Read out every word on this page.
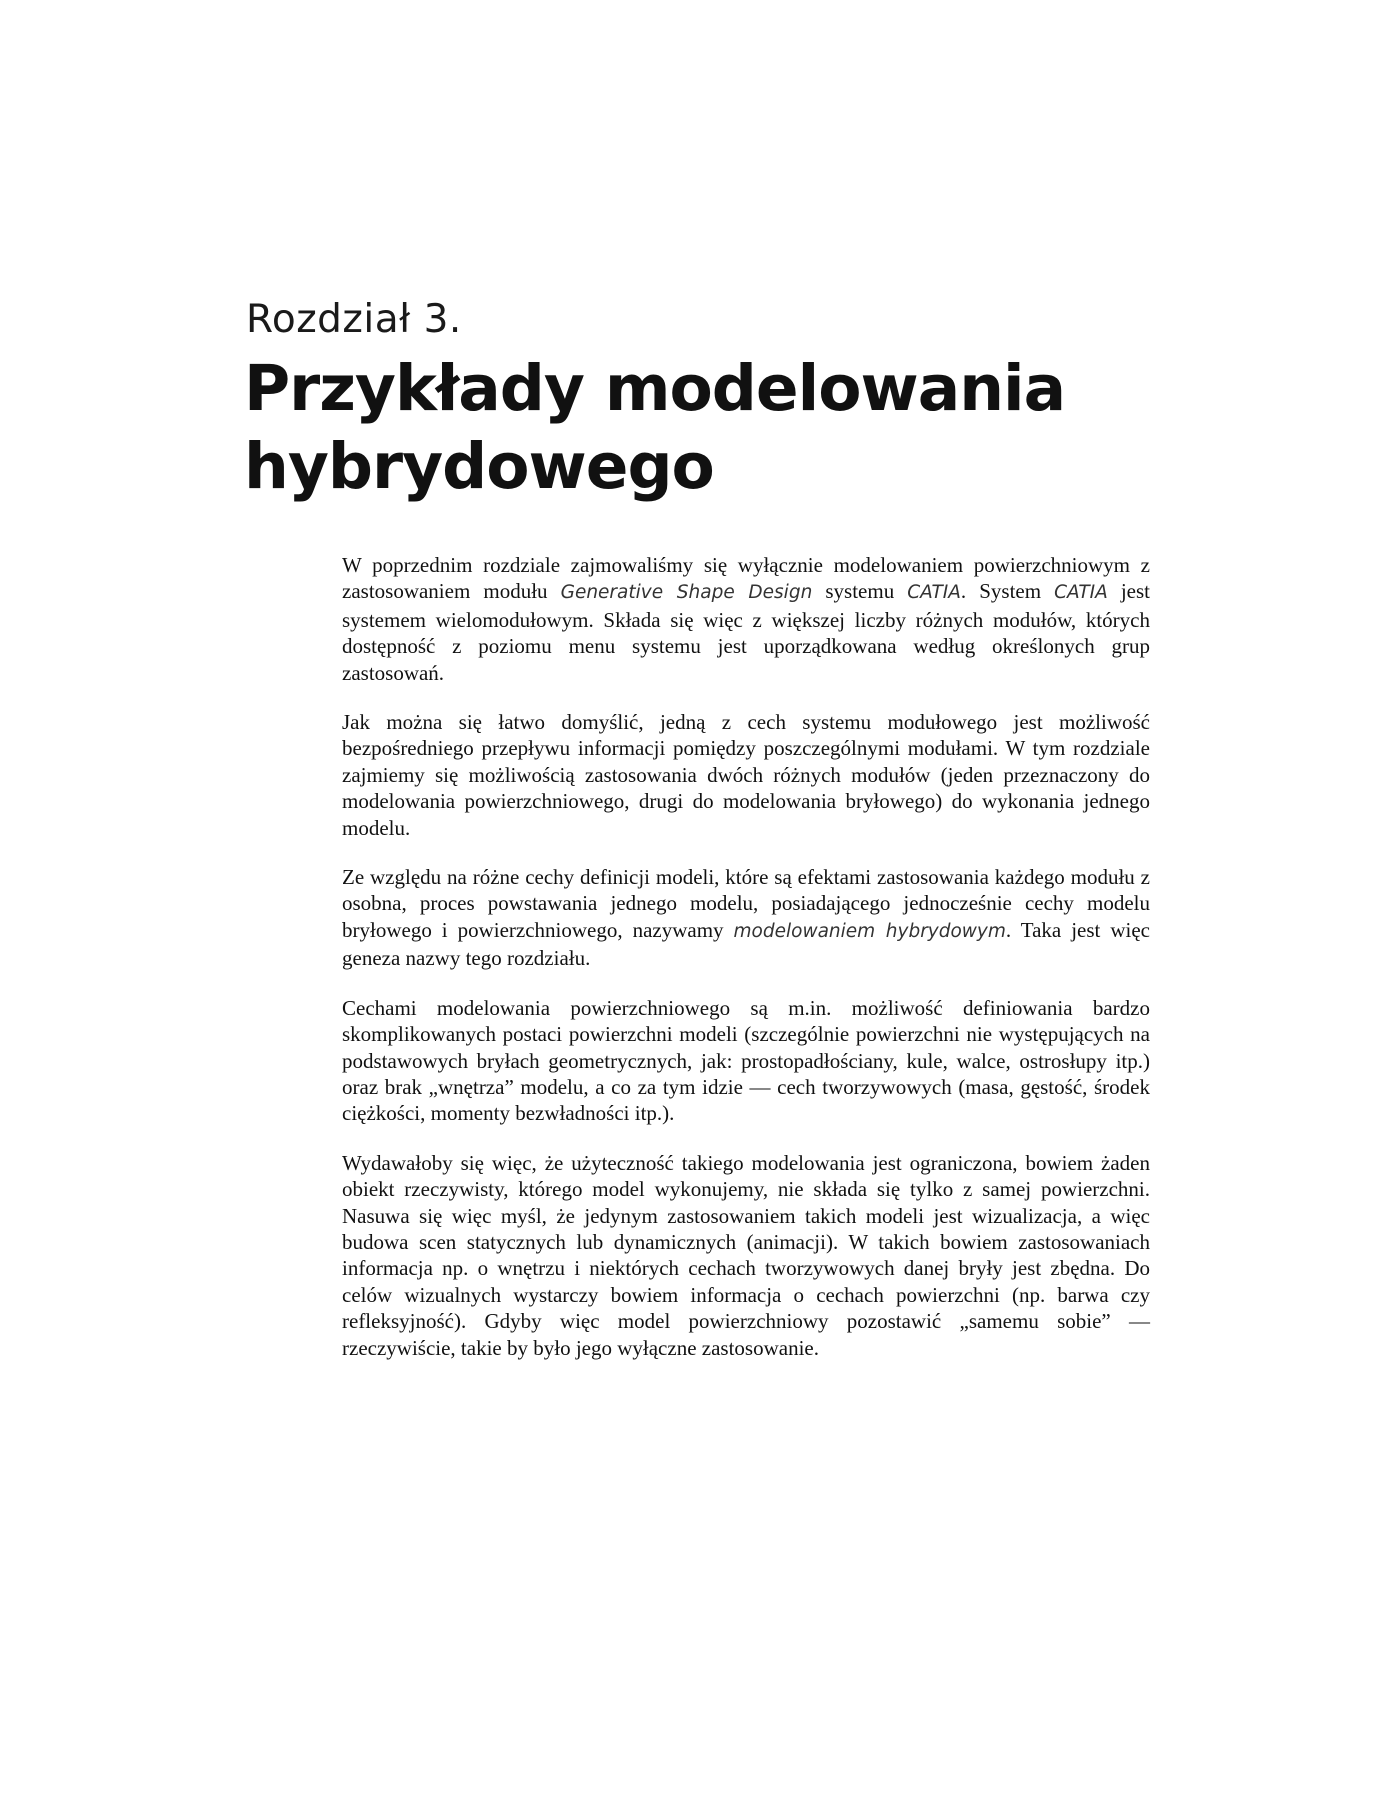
Rozdział 3.
Przykłady modelowania
hybrydowego

W poprzednim rozdziale zajmowaliśmy się wyłącznie modelowaniem powierzchniowym z zastosowaniem modułu Generative Shape Design systemu CATIA. System CATIA jest systemem wielomodułowym. Składa się więc z większej liczby różnych modułów, których dostępność z poziomu menu systemu jest uporządkowana według określonych grup zastosowań.

Jak można się łatwo domyślić, jedną z cech systemu modułowego jest możliwość bezpośredniego przepływu informacji pomiędzy poszczególnymi modułami. W tym rozdziale zajmiemy się możliwością zastosowania dwóch różnych modułów (jeden przeznaczony do modelowania powierzchniowego, drugi do modelowania bryłowego) do wykonania jednego modelu.

Ze względu na różne cechy definicji modeli, które są efektami zastosowania każdego modułu z osobna, proces powstawania jednego modelu, posiadającego jednocześnie cechy modelu bryłowego i powierzchniowego, nazywamy modelowaniem hybrydowym. Taka jest więc geneza nazwy tego rozdziału.

Cechami modelowania powierzchniowego są m.in. możliwość definiowania bardzo skomplikowanych postaci powierzchni modeli (szczególnie powierzchni nie występujących na podstawowych bryłach geometrycznych, jak: prostopadłościany, kule, walce, ostrosłupy itp.) oraz brak „wnętrza” modelu, a co za tym idzie — cech tworzywowych (masa, gęstość, środek ciężkości, momenty bezwładności itp.).

Wydawałoby się więc, że użyteczność takiego modelowania jest ograniczona, bowiem żaden obiekt rzeczywisty, którego model wykonujemy, nie składa się tylko z samej powierzchni. Nasuwa się więc myśl, że jedynym zastosowaniem takich modeli jest wizualizacja, a więc budowa scen statycznych lub dynamicznych (animacji). W takich bowiem zastosowaniach informacja np. o wnętrzu i niektórych cechach tworzywowych danej bryły jest zbędna. Do celów wizualnych wystarczy bowiem informacja o cechach powierzchni (np. barwa czy refleksyjność). Gdyby więc model powierzchniowy pozostawić „samemu sobie” — rzeczywiście, takie by było jego wyłączne zastosowanie.
